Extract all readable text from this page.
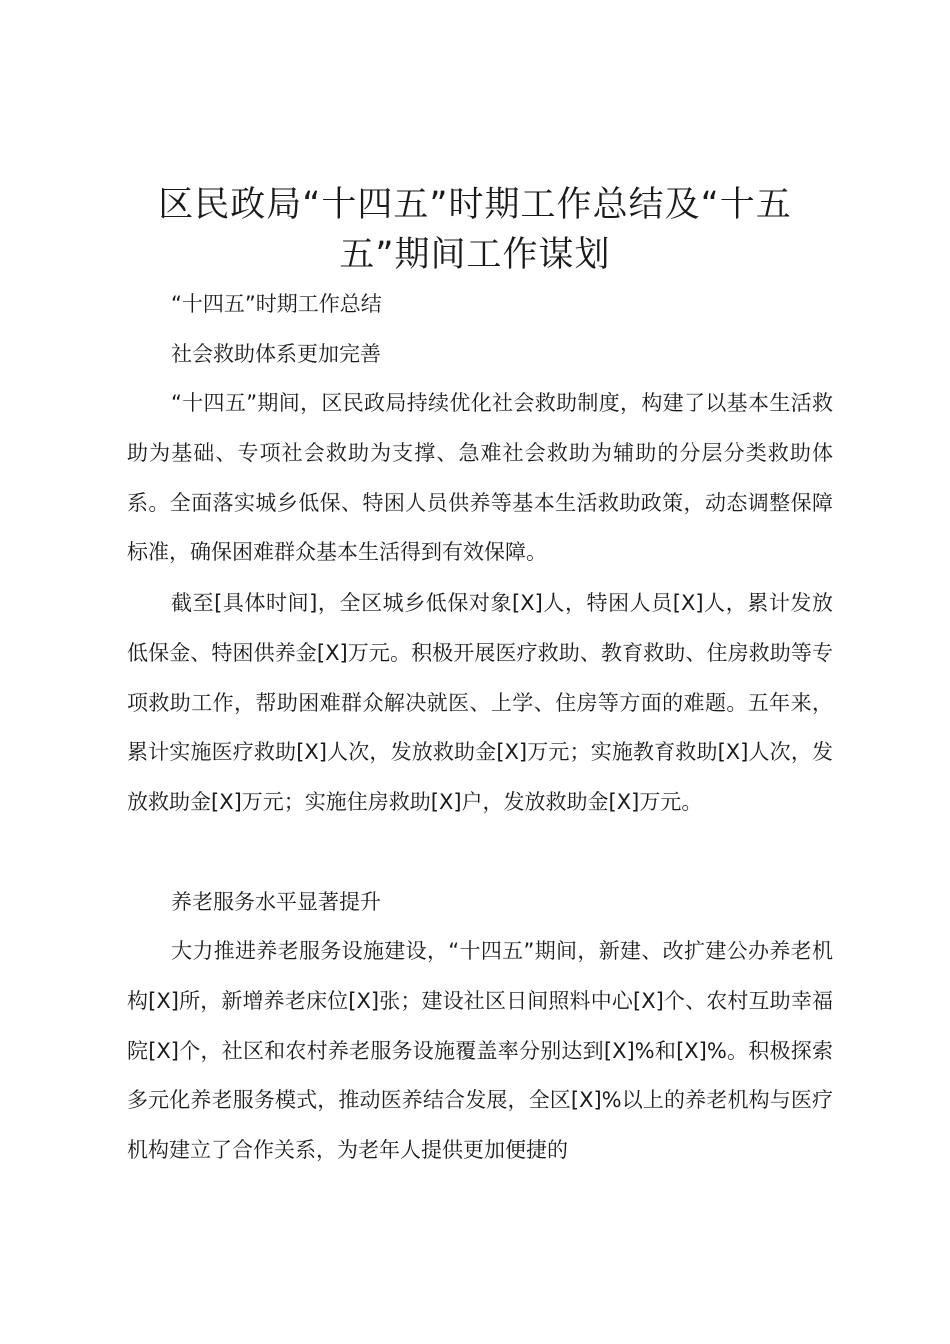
区民政局“十四五”时期工作总结及“十五五”期间工作谋划

“十四五”时期工作总结

社会救助体系更加完善

“十四五”期间，区民政局持续优化社会救助制度，构建了以基本生活救助为基础、专项社会救助为支撑、急难社会救助为辅助的分层分类救助体系。全面落实城乡低保、特困人员供养等基本生活救助政策，动态调整保障标准，确保困难群众基本生活得到有效保障。

截至[具体时间]，全区城乡低保对象[X]人，特困人员[X]人，累计发放低保金、特困供养金[X]万元。积极开展医疗救助、教育救助、住房救助等专项救助工作，帮助困难群众解决就医、上学、住房等方面的难题。五年来，累计实施医疗救助[X]人次，发放救助金[X]万元；实施教育救助[X]人次，发放救助金[X]万元；实施住房救助[X]户，发放救助金[X]万元。

养老服务水平显著提升

大力推进养老服务设施建设，“十四五”期间，新建、改扩建公办养老机构[X]所，新增养老床位[X]张；建设社区日间照料中心[X]个、农村互助幸福院[X]个，社区和农村养老服务设施覆盖率分别达到[X]%和[X]%。积极探索多元化养老服务模式，推动医养结合发展，全区[X]%以上的养老机构与医疗机构建立了合作关系，为老年人提供更加便捷的
